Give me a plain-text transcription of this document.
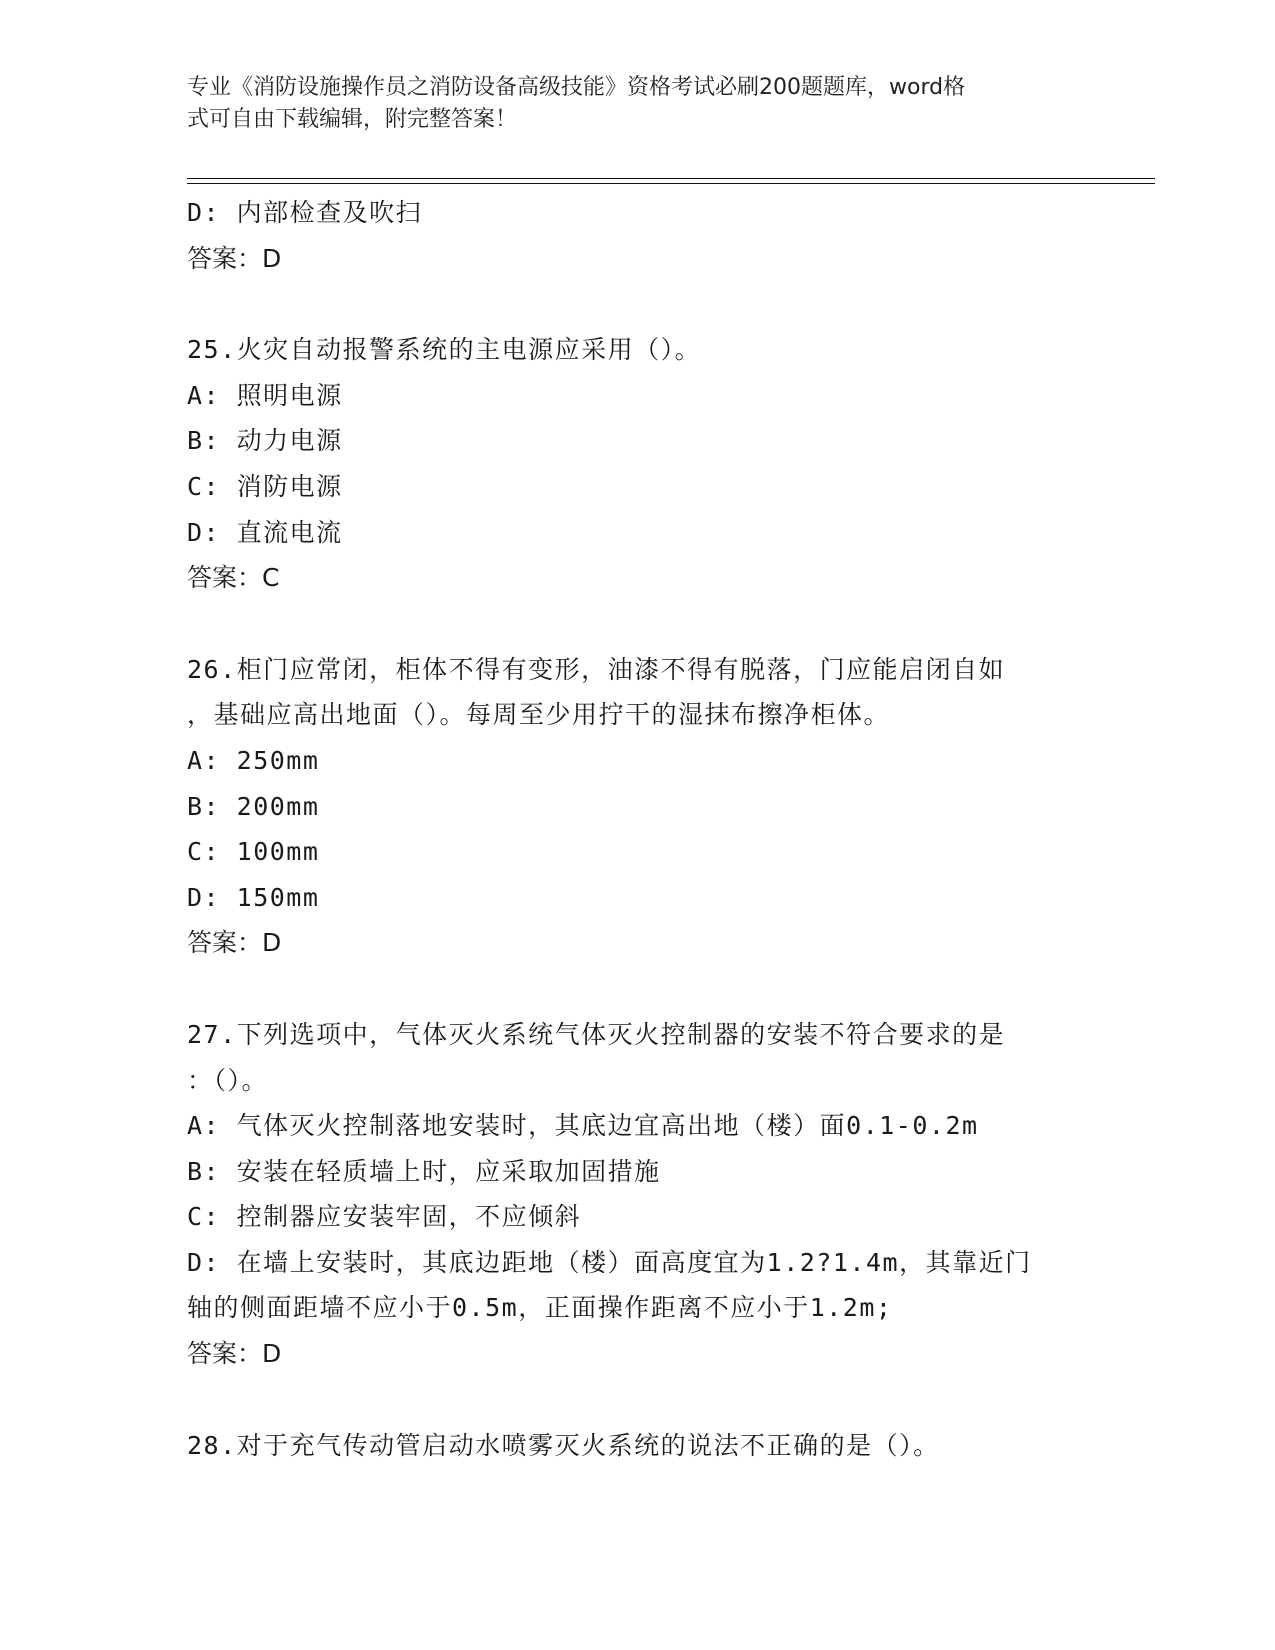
专业《消防设施操作员之消防设备高级技能》资格考试必刷200题题库，word格
式可自由下载编辑，附完整答案！
D: 内部检查及吹扫
答案：D
25.火灾自动报警系统的主电源应采用（）。
A: 照明电源
B: 动力电源
C: 消防电源
D: 直流电流
答案：C
26.柜门应常闭，柜体不得有变形，油漆不得有脱落，门应能启闭自如
，基础应高出地面（）。每周至少用拧干的湿抹布擦净柜体。
A: 250mm
B: 200mm
C: 100mm
D: 150mm
答案：D
27.下列选项中，气体灭火系统气体灭火控制器的安装不符合要求的是
：（）。
A: 气体灭火控制落地安装时，其底边宜高出地（楼）面0.1-0.2m
B: 安装在轻质墙上时，应采取加固措施
C: 控制器应安装牢固，不应倾斜
D: 在墙上安装时，其底边距地（楼）面高度宜为1.2?1.4m，其靠近门
轴的侧面距墙不应小于0.5m，正面操作距离不应小于1.2m;
答案：D
28.对于充气传动管启动水喷雾灭火系统的说法不正确的是（）。
